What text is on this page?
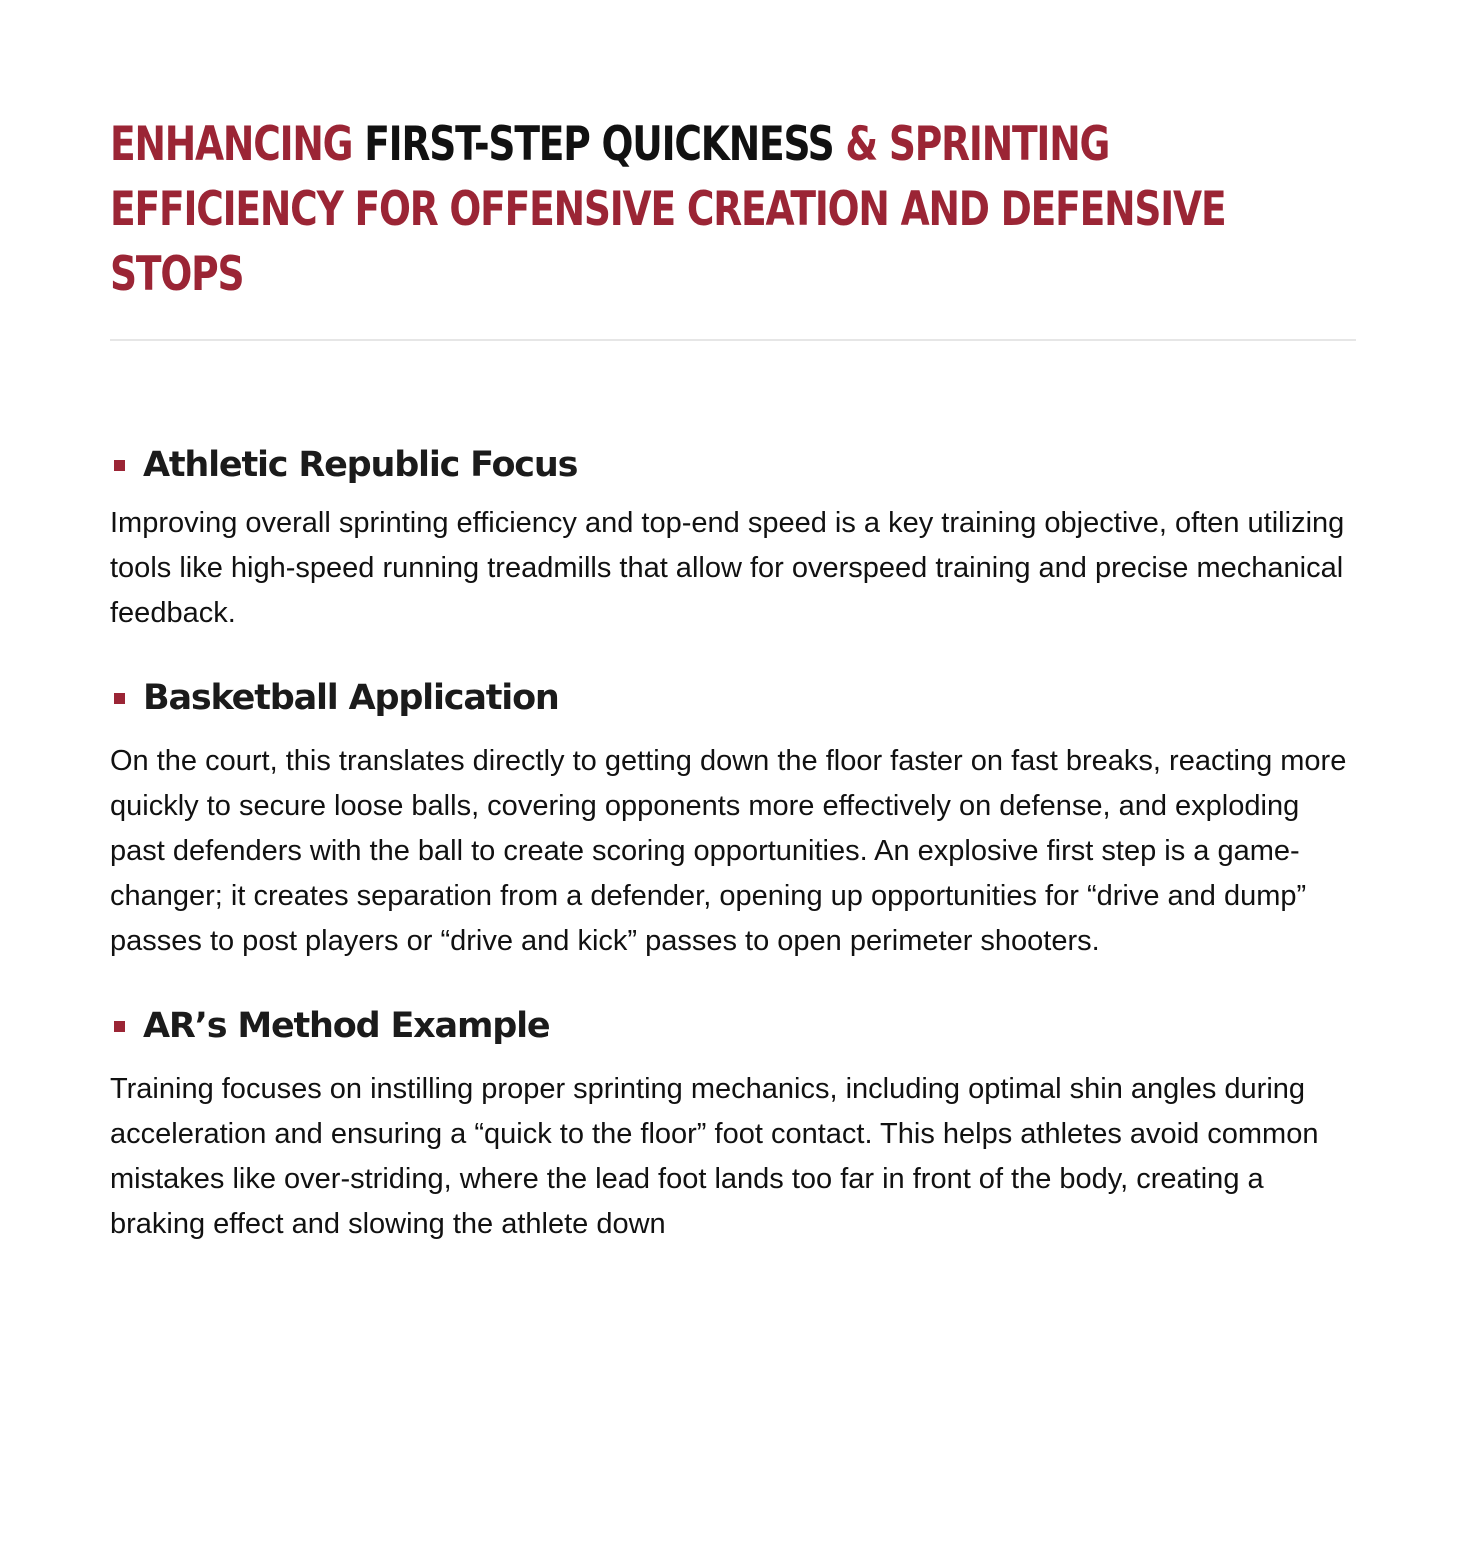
ENHANCING FIRST-STEP QUICKNESS & SPRINTING EFFICIENCY FOR OFFENSIVE CREATION AND DEFENSIVE STOPS
Athletic Republic Focus

Improving overall sprinting efficiency and top-end speed is a key training objective, often utilizing tools like high-speed running treadmills that allow for overspeed training and precise mechanical feedback.

Basketball Application

On the court, this translates directly to getting down the floor faster on fast breaks, reacting more quickly to secure loose balls, covering opponents more effectively on defense, and exploding past defenders with the ball to create scoring opportunities. An explosive first step is a game-changer; it creates separation from a defender, opening up opportunities for “drive and dump” passes to post players or “drive and kick” passes to open perimeter shooters.

AR’s Method Example

Training focuses on instilling proper sprinting mechanics, including optimal shin angles during acceleration and ensuring a “quick to the floor” foot contact. This helps athletes avoid common mistakes like over-striding, where the lead foot lands too far in front of the body, creating a braking effect and slowing the athlete down
